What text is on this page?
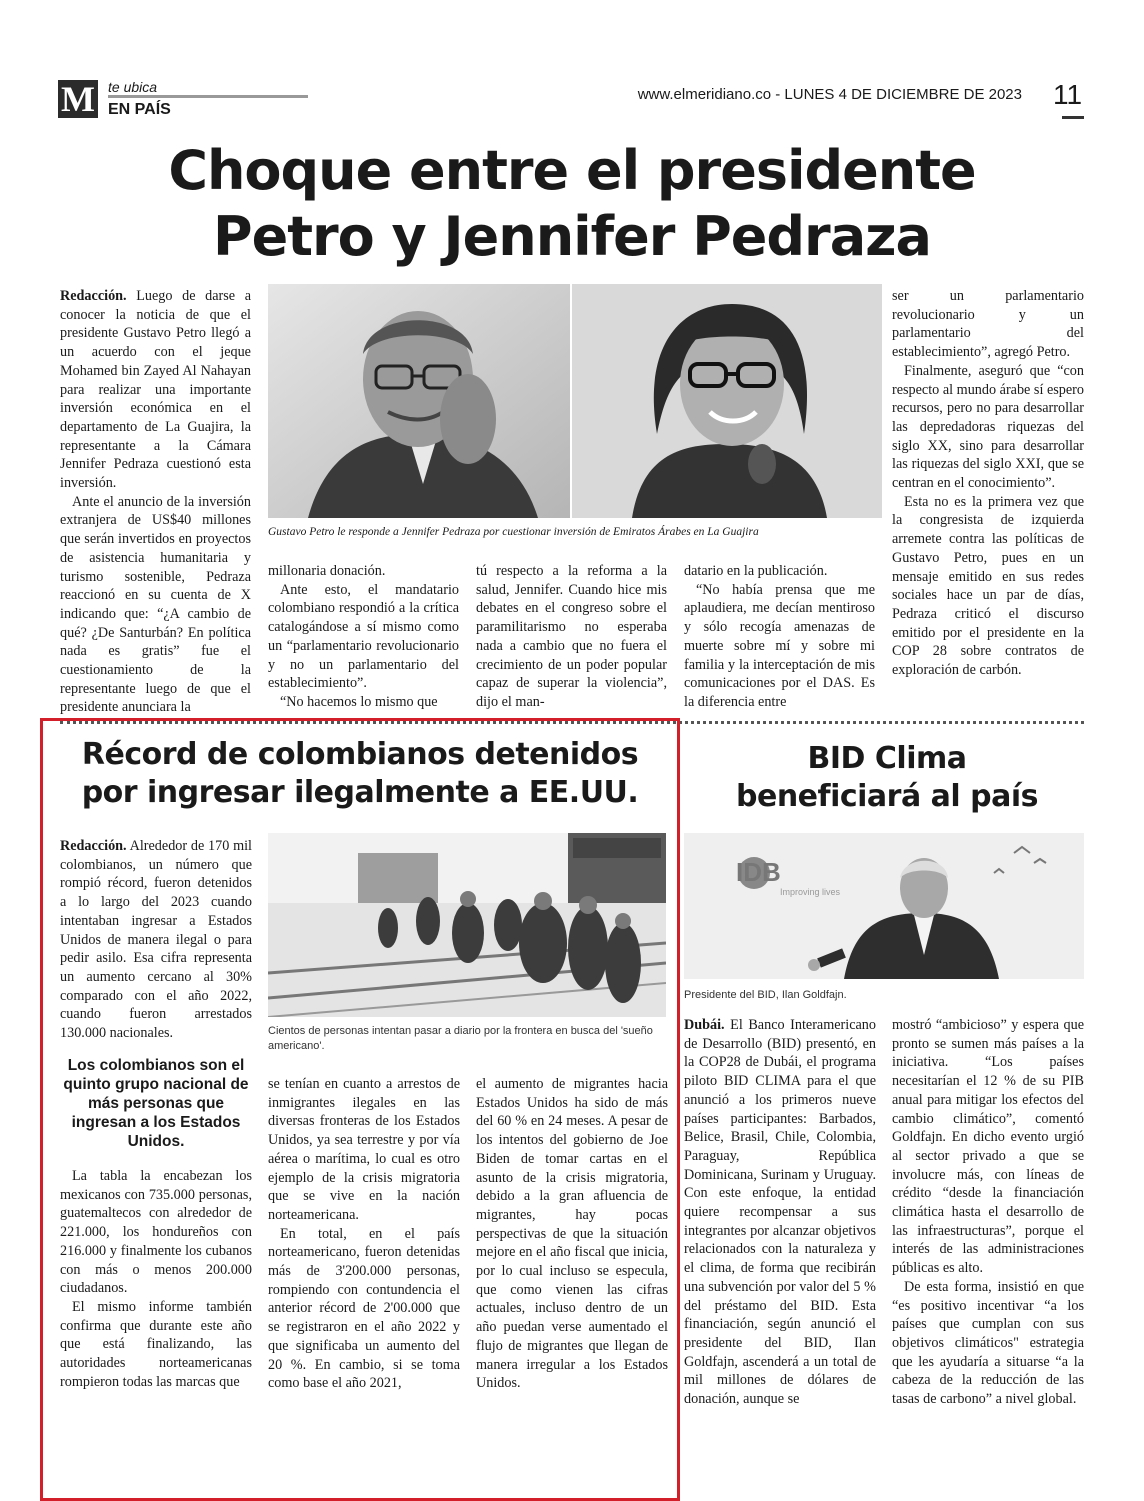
M te ubica
EN PAÍS
www.elmeridiano.co - LUNES 4 DE DICIEMBRE DE 2023 11
Choque entre el presidente
Petro y Jennifer Pedraza

Redacción. Luego de darse a conocer la noticia de que el presidente Gustavo Petro llegó a un acuerdo con el jeque Mohamed bin Zayed Al Nahayan para realizar una importante inversión económica en el departamento de La Guajira, la representante a la Cámara Jennifer Pedraza cuestionó esta inversión.

Ante el anuncio de la inversión extranjera de US$40 millones que serán invertidos en proyectos de asistencia humanitaria y turismo sostenible, Pedraza reaccionó en su cuenta de X indicando que: “¿A cambio de qué? ¿De Santurbán? En política nada es gratis” fue el cuestionamiento de la representante luego de que el presidente anunciara la

Gustavo Petro le responde a Jennifer Pedraza por cuestionar inversión de Emiratos Árabes en La Guajira

millonaria donación.

Ante esto, el mandatario colombiano respondió a la crítica catalogándose a sí mismo como un “parlamentario revolucionario y no un parlamentario del establecimiento”.

“No hacemos lo mismo que

tú respecto a la reforma a la salud, Jennifer. Cuando hice mis debates en el congreso sobre el paramilitarismo no esperaba nada a cambio que no fuera el crecimiento de un poder popular capaz de superar la violencia”, dijo el man-

datario en la publicación.

“No había prensa que me aplaudiera, me decían mentiroso y sólo recogía amenazas de muerte sobre mí y sobre mi familia y la interceptación de mis comunicaciones por el DAS. Es la diferencia entre

ser un parlamentario revolucionario y un parlamentario del establecimiento”, agregó Petro.

Finalmente, aseguró que “con respecto al mundo árabe sí espero recursos, pero no para desarrollar las depredadoras riquezas del siglo XX, sino para desarrollar las riquezas del siglo XXI, que se centran en el conocimiento”.

Esta no es la primera vez que la congresista de izquierda arremete contra las políticas de Gustavo Petro, pues en un mensaje emitido en sus redes sociales hace un par de días, Pedraza criticó el discurso emitido por el presidente en la COP 28 sobre contratos de exploración de carbón.

Récord de colombianos detenidos
por ingresar ilegalmente a EE.UU.

Redacción. Alrededor de 170 mil colombianos, un número que rompió récord, fueron detenidos a lo largo del 2023 cuando intentaban ingresar a Estados Unidos de manera ilegal o para pedir asilo. Esa cifra representa un aumento cercano al 30% comparado con el año 2022, cuando fueron arrestados 130.000 nacionales.

Los colombianos son el quinto grupo nacional de más personas que ingresan a los Estados Unidos.

La tabla la encabezan los mexicanos con 735.000 personas, guatemaltecos con alrededor de 221.000, los hondureños con 216.000 y finalmente los cubanos con más o menos 200.000 ciudadanos.

El mismo informe también confirma que durante este año que está finalizando, las autoridades norteamericanas rompieron todas las marcas que

Cientos de personas intentan pasar a diario por la frontera en busca del 'sueño americano'.

se tenían en cuanto a arrestos de inmigrantes ilegales en las diversas fronteras de los Estados Unidos, ya sea terrestre y por vía aérea o marítima, lo cual es otro ejemplo de la crisis migratoria que se vive en la nación norteamericana.

En total, en el país norteamericano, fueron detenidas más de 3'200.000 personas, rompiendo con contundencia el anterior récord de 2'00.000 que se registraron en el año 2022 y que significaba un aumento del 20 %. En cambio, si se toma como base el año 2021,

el aumento de migrantes hacia Estados Unidos ha sido de más del 60 % en 24 meses. A pesar de los intentos del gobierno de Joe Biden de tomar cartas en el asunto de la crisis migratoria, debido a la gran afluencia de migrantes, hay pocas perspectivas de que la situación mejore en el año fiscal que inicia, por lo cual incluso se especula, que como vienen las cifras actuales, incluso dentro de un año puedan verse aumentado el flujo de migrantes que llegan de manera irregular a los Estados Unidos.

BID Clima
beneficiará al país
IDB
Improving lives
Presidente del BID, Ilan Goldfajn.

Dubái. El Banco Interamericano de Desarrollo (BID) presentó, en la COP28 de Dubái, el programa piloto BID CLIMA para el que anunció a los primeros nueve países participantes: Barbados, Belice, Brasil, Chile, Colombia, Paraguay, República Dominicana, Surinam y Uruguay. Con este enfoque, la entidad quiere recompensar a sus integrantes por alcanzar objetivos relacionados con la naturaleza y el clima, de forma que recibirán una subvención por valor del 5 % del préstamo del BID. Esta financiación, según anunció el presidente del BID, Ilan Goldfajn, ascenderá a un total de mil millones de dólares de donación, aunque se

mostró “ambicioso” y espera que pronto se sumen más países a la iniciativa. “Los países necesitarían el 12 % de su PIB anual para mitigar los efectos del cambio climático”, comentó Goldfajn. En dicho evento urgió al sector privado a que se involucre más, con líneas de crédito “desde la financiación climática hasta el desarrollo de las infraestructuras”, porque el interés de las administraciones públicas es alto.

De esta forma, insistió en que “es positivo incentivar “a los países que cumplan con sus objetivos climáticos" estrategia que les ayudaría a situarse “a la cabeza de la reducción de las tasas de carbono” a nivel global.
